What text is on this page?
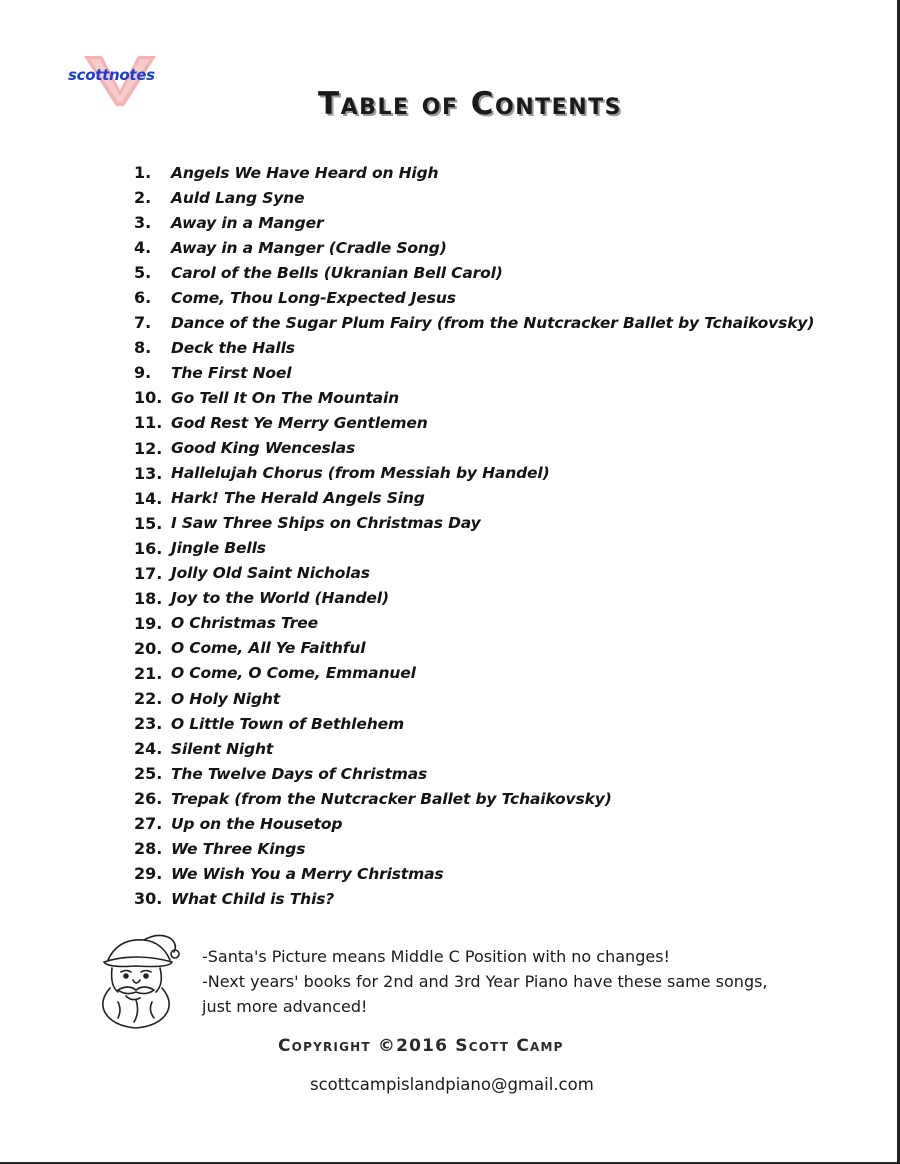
scottnotes
Table of Contents
1.	Angels We Have Heard on High
2.	Auld Lang Syne
3.	Away in a Manger
4.	Away in a Manger (Cradle Song)
5.	Carol of the Bells (Ukranian Bell Carol)
6.	Come, Thou Long-Expected Jesus
7.	Dance of the Sugar Plum Fairy (from the Nutcracker Ballet by Tchaikovsky)
8.	Deck the Halls
9.	The First Noel
10. Go Tell It On The Mountain
11. God Rest Ye Merry Gentlemen
12. Good King Wenceslas
13. Hallelujah Chorus (from Messiah by Handel)
14. Hark! The Herald Angels Sing
15. I Saw Three Ships on Christmas Day
16. Jingle Bells
17. Jolly Old Saint Nicholas
18. Joy to the World (Handel)
19. O Christmas Tree
20. O Come, All Ye Faithful
21. O Come, O Come, Emmanuel
22. O Holy Night
23. O Little Town of Bethlehem
24. Silent Night
25. The Twelve Days of Christmas
26. Trepak (from the Nutcracker Ballet by Tchaikovsky)
27. Up on the Housetop
28. We Three Kings
29. We Wish You a Merry Christmas
30. What Child is This?
-Santa's Picture means Middle C Position with no changes!
-Next years' books for 2nd and 3rd Year Piano have these same songs,
just more advanced!
Copyright ©2016 Scott Camp
scottcampislandpiano@gmail.com
